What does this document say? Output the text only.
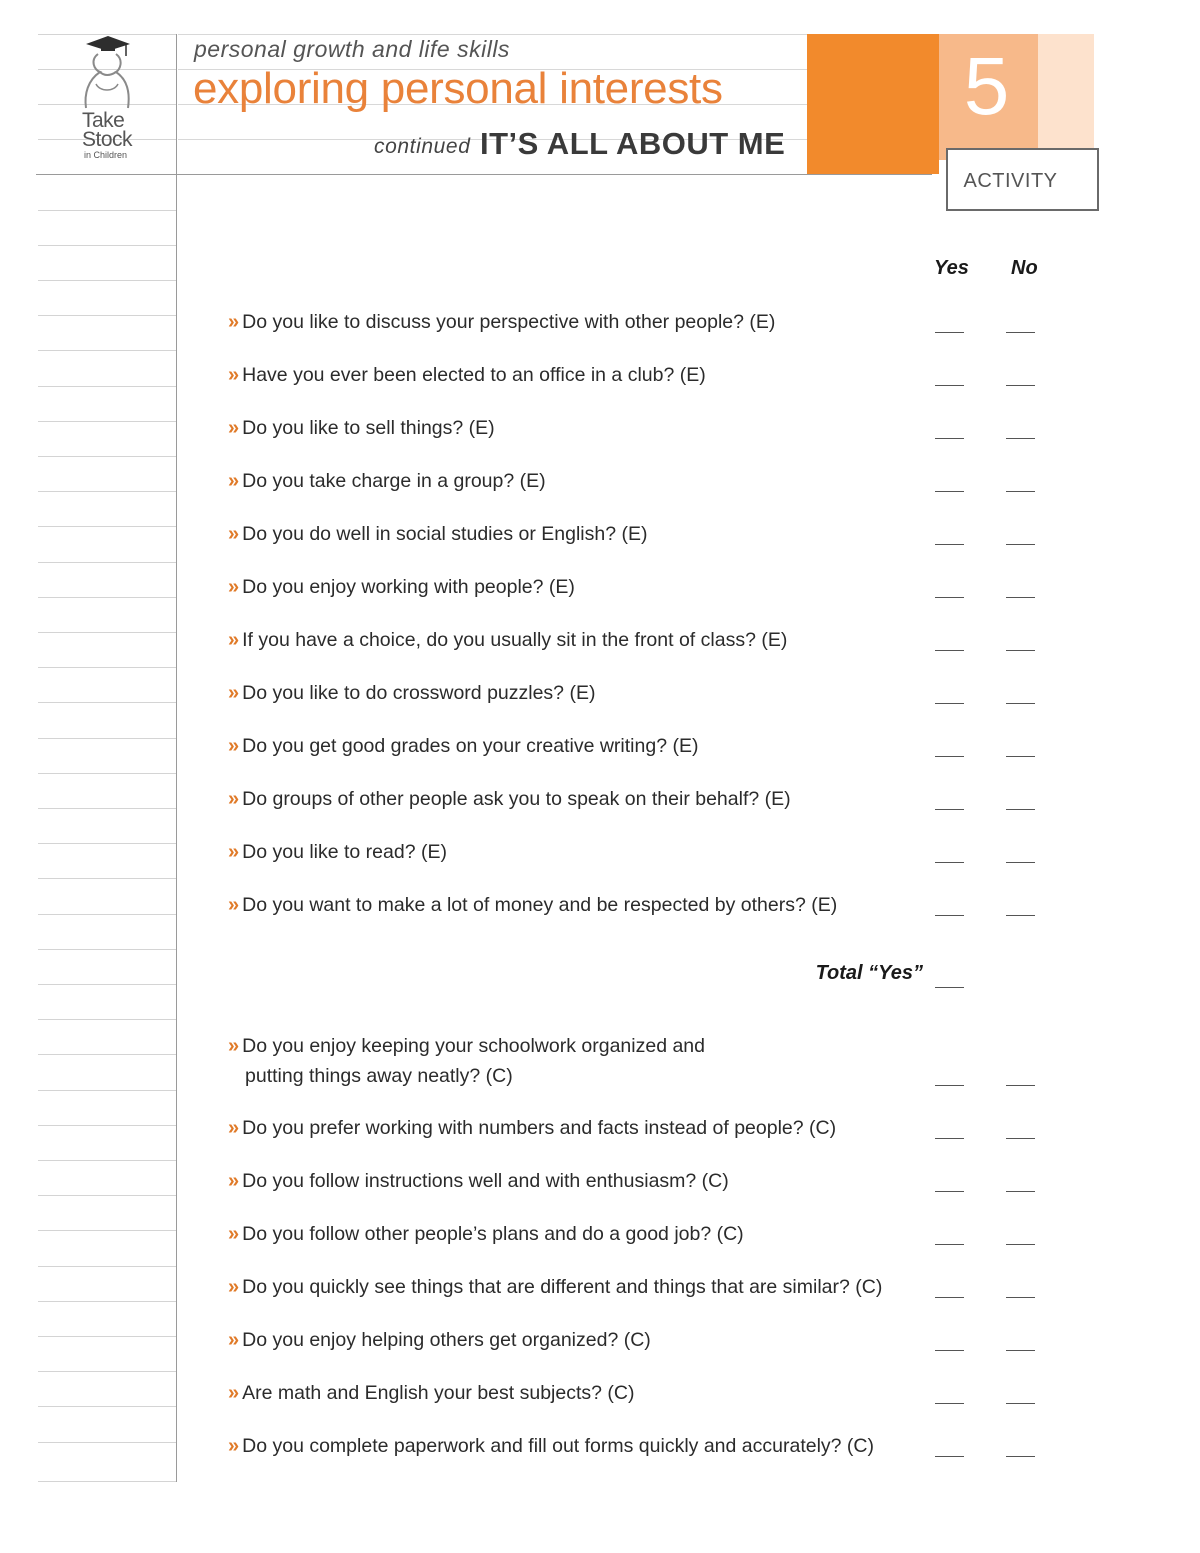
Take
Stock
in Children
personal growth and life skills
exploring personal interests
continued IT’S ALL ABOUT ME
5
ACTIVITY
Yes No
» Do you like to discuss your perspective with other people? (E)
» Have you ever been elected to an office in a club? (E)
» Do you like to sell things? (E)
» Do you take charge in a group? (E)
» Do you do well in social studies or English? (E)
» Do you enjoy working with people? (E)
» If you have a choice, do you usually sit in the front of class? (E)
» Do you like to do crossword puzzles? (E)
» Do you get good grades on your creative writing? (E)
» Do groups of other people ask you to speak on their behalf? (E)
» Do you like to read? (E)
» Do you want to make a lot of money and be respected by others? (E)
Total “Yes”
» Do you enjoy keeping your schoolwork organized and
putting things away neatly? (C)
» Do you prefer working with numbers and facts instead of people? (C)
» Do you follow instructions well and with enthusiasm? (C)
» Do you follow other people’s plans and do a good job? (C)
» Do you quickly see things that are different and things that are similar? (C)
» Do you enjoy helping others get organized? (C)
» Are math and English your best subjects? (C)
» Do you complete paperwork and fill out forms quickly and accurately? (C)
